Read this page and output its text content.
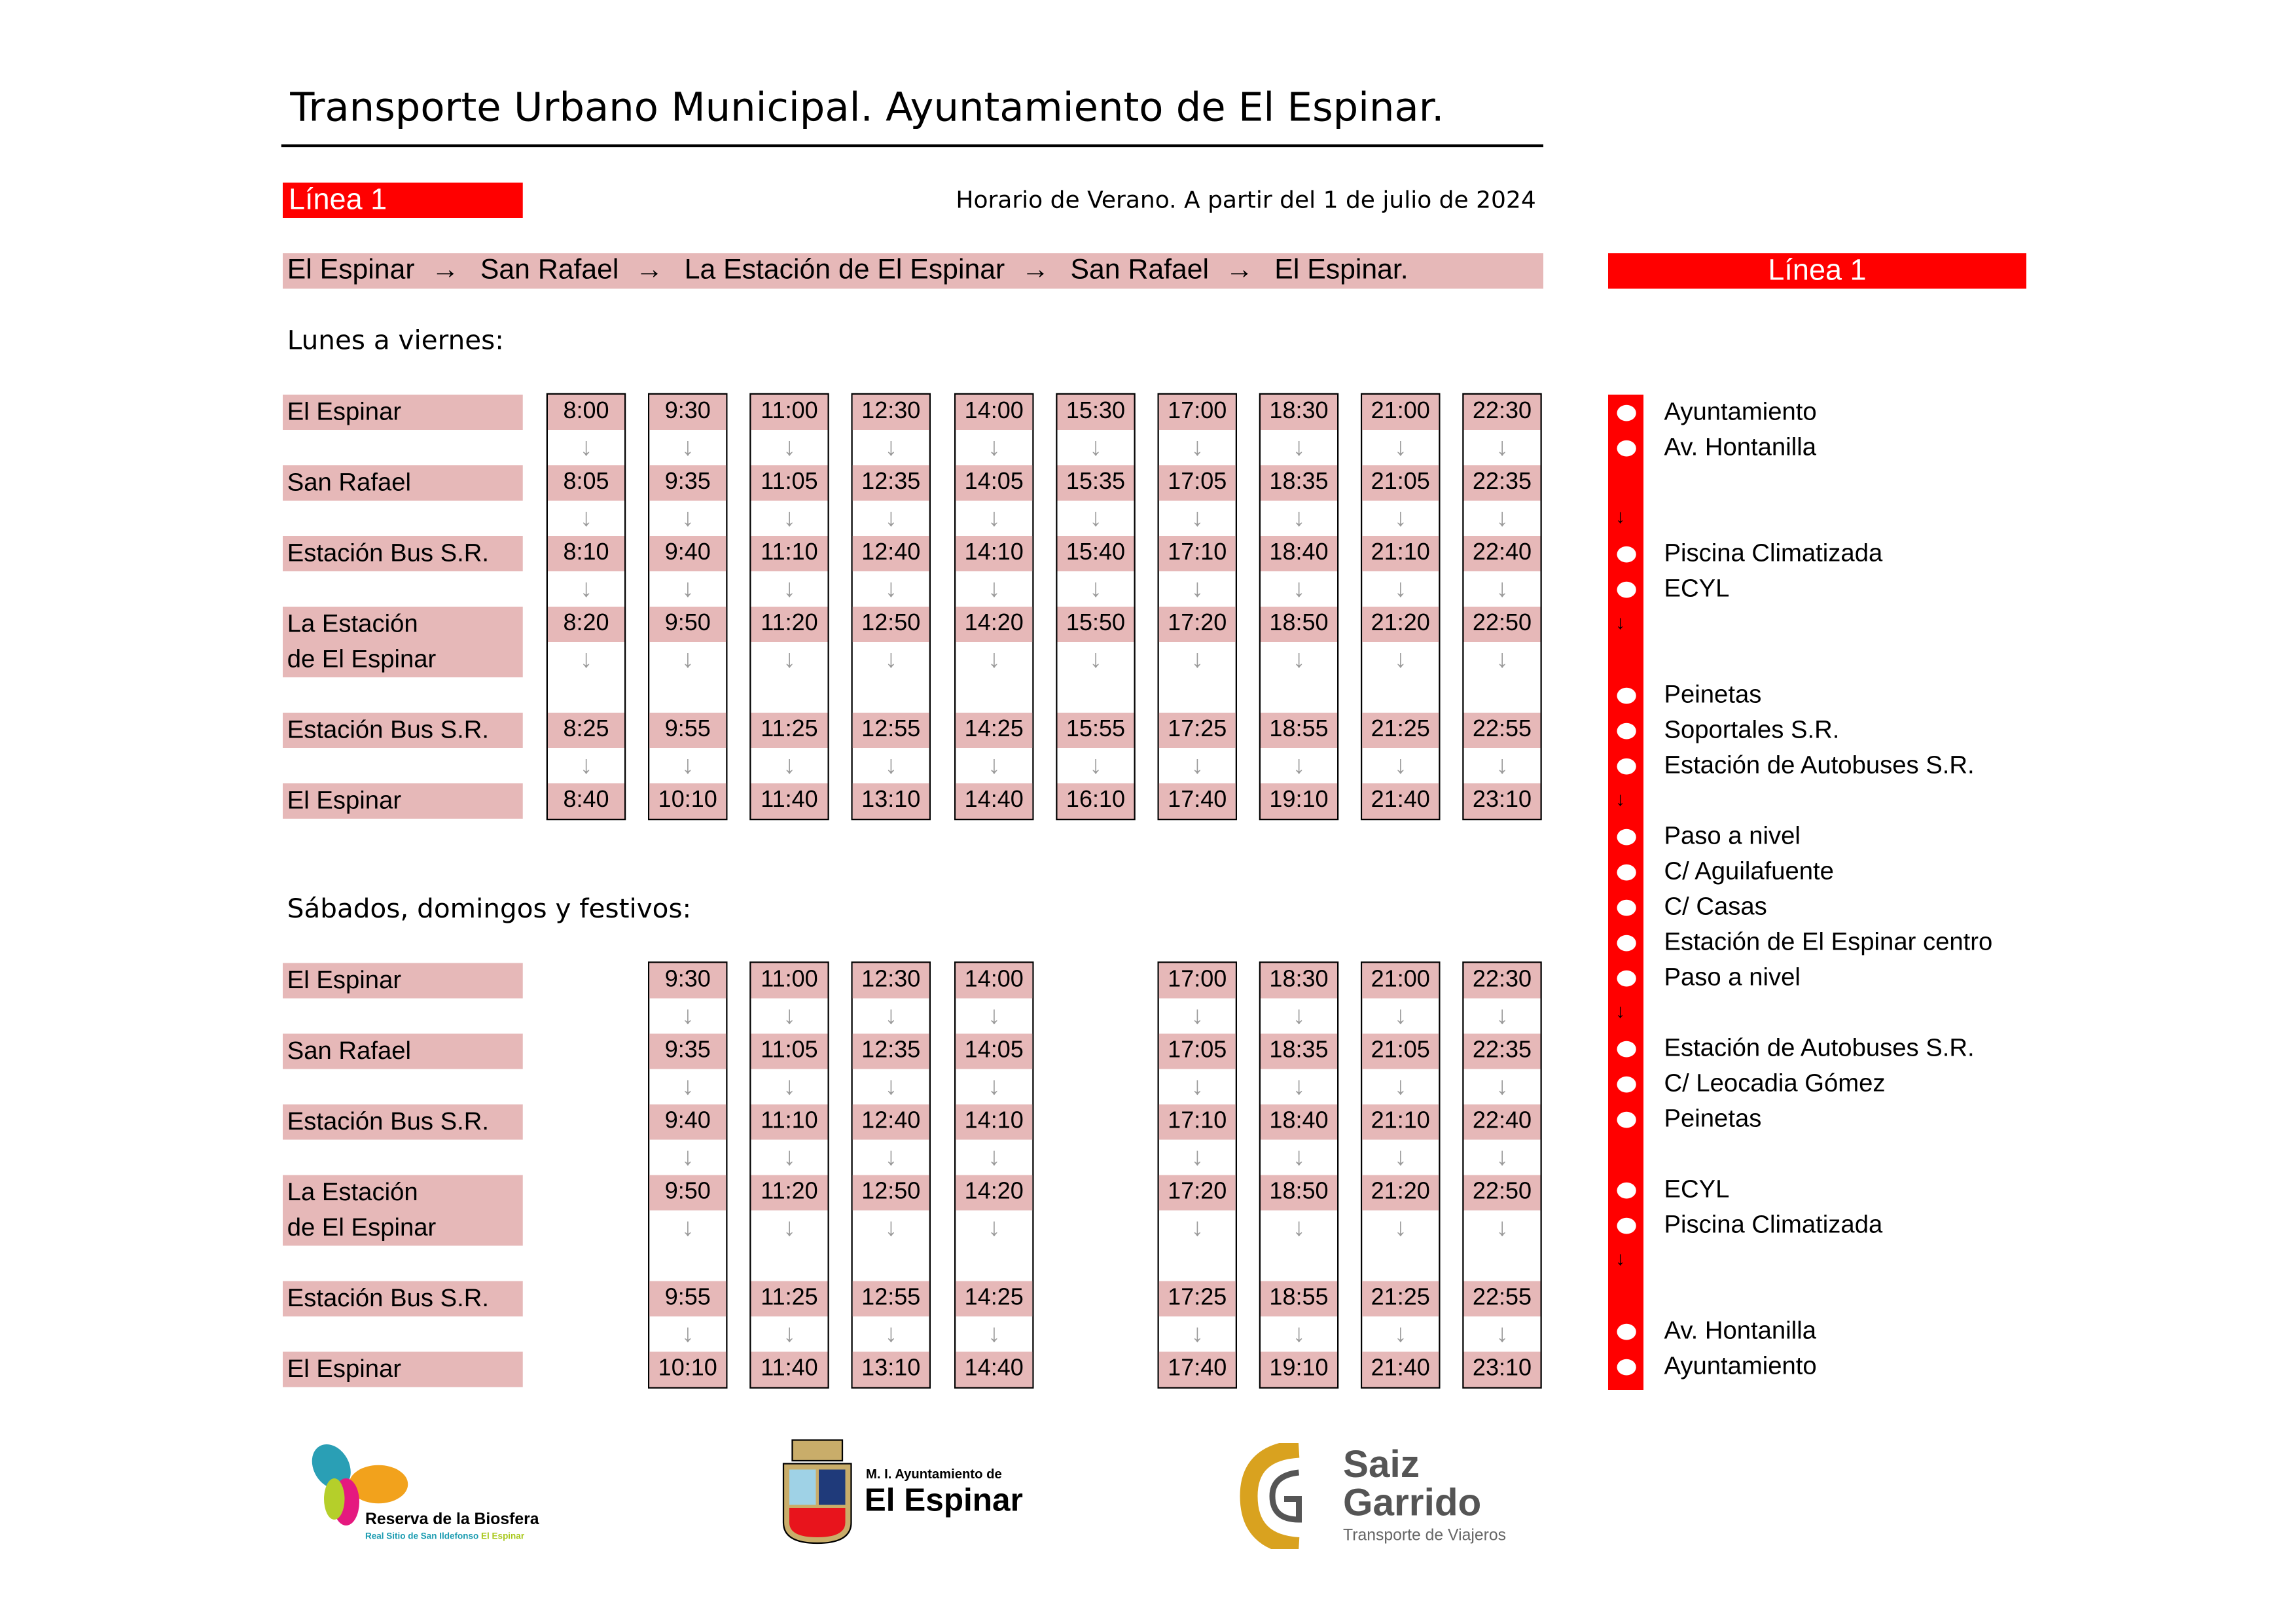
Transporte Urbano Municipal. Ayuntamiento de El Espinar.
Línea 1	Horario de Verano. A partir del 1 de julio de 2024
El Espinar → San Rafael → La Estación de El Espinar → San Rafael → El Espinar.	Línea 1
Lunes a viernes:
Sábados, domingos y festivos:
El Espinar
San Rafael
Estación Bus S.R.
La Estación
de El Espinar
Estación Bus S.R.
El Espinar
8:00
8:05
8:10
8:20
8:25
8:40
↓
↓
↓
↓
↓
9:30
9:35
9:40
9:50
9:55
10:10
↓
↓
↓
↓
↓
11:00
11:05
11:10
11:20
11:25
11:40
↓
↓
↓
↓
↓
12:30
12:35
12:40
12:50
12:55
13:10
↓
↓
↓
↓
↓
14:00
14:05
14:10
14:20
14:25
14:40
↓
↓
↓
↓
↓
15:30
15:35
15:40
15:50
15:55
16:10
↓
↓
↓
↓
↓
17:00
17:05
17:10
17:20
17:25
17:40
↓
↓
↓
↓
↓
18:30
18:35
18:40
18:50
18:55
19:10
↓
↓
↓
↓
↓
21:00
21:05
21:10
21:20
21:25
21:40
↓
↓
↓
↓
↓
22:30
22:35
22:40
22:50
22:55
23:10
↓
↓
↓
↓
↓
El Espinar
San Rafael
Estación Bus S.R.
La Estación
de El Espinar
Estación Bus S.R.
El Espinar
9:30
9:35
9:40
9:50
9:55
10:10
↓
↓
↓
↓
↓
11:00
11:05
11:10
11:20
11:25
11:40
↓
↓
↓
↓
↓
12:30
12:35
12:40
12:50
12:55
13:10
↓
↓
↓
↓
↓
14:00
14:05
14:10
14:20
14:25
14:40
↓
↓
↓
↓
↓
17:00
17:05
17:10
17:20
17:25
17:40
↓
↓
↓
↓
↓
18:30
18:35
18:40
18:50
18:55
19:10
↓
↓
↓
↓
↓
21:00
21:05
21:10
21:20
21:25
21:40
↓
↓
↓
↓
↓
22:30
22:35
22:40
22:50
22:55
23:10
↓
↓
↓
↓
↓
Ayuntamiento
Av. Hontanilla
↓
Piscina Climatizada
ECYL
↓
Peinetas
Soportales S.R.
Estación de Autobuses S.R.
↓
Paso a nivel
C/ Aguilafuente
C/ Casas
Estación de El Espinar centro
Paso a nivel
↓
Estación de Autobuses S.R.
C/ Leocadia Gómez
Peinetas
ECYL
Piscina Climatizada
↓
Av. Hontanilla
Ayuntamiento
Reserva de la Biosfera
Real Sitio de San Ildefonso El Espinar
M. I. Ayuntamiento de
El Espinar
Saiz
Garrido
Transporte de Viajeros
